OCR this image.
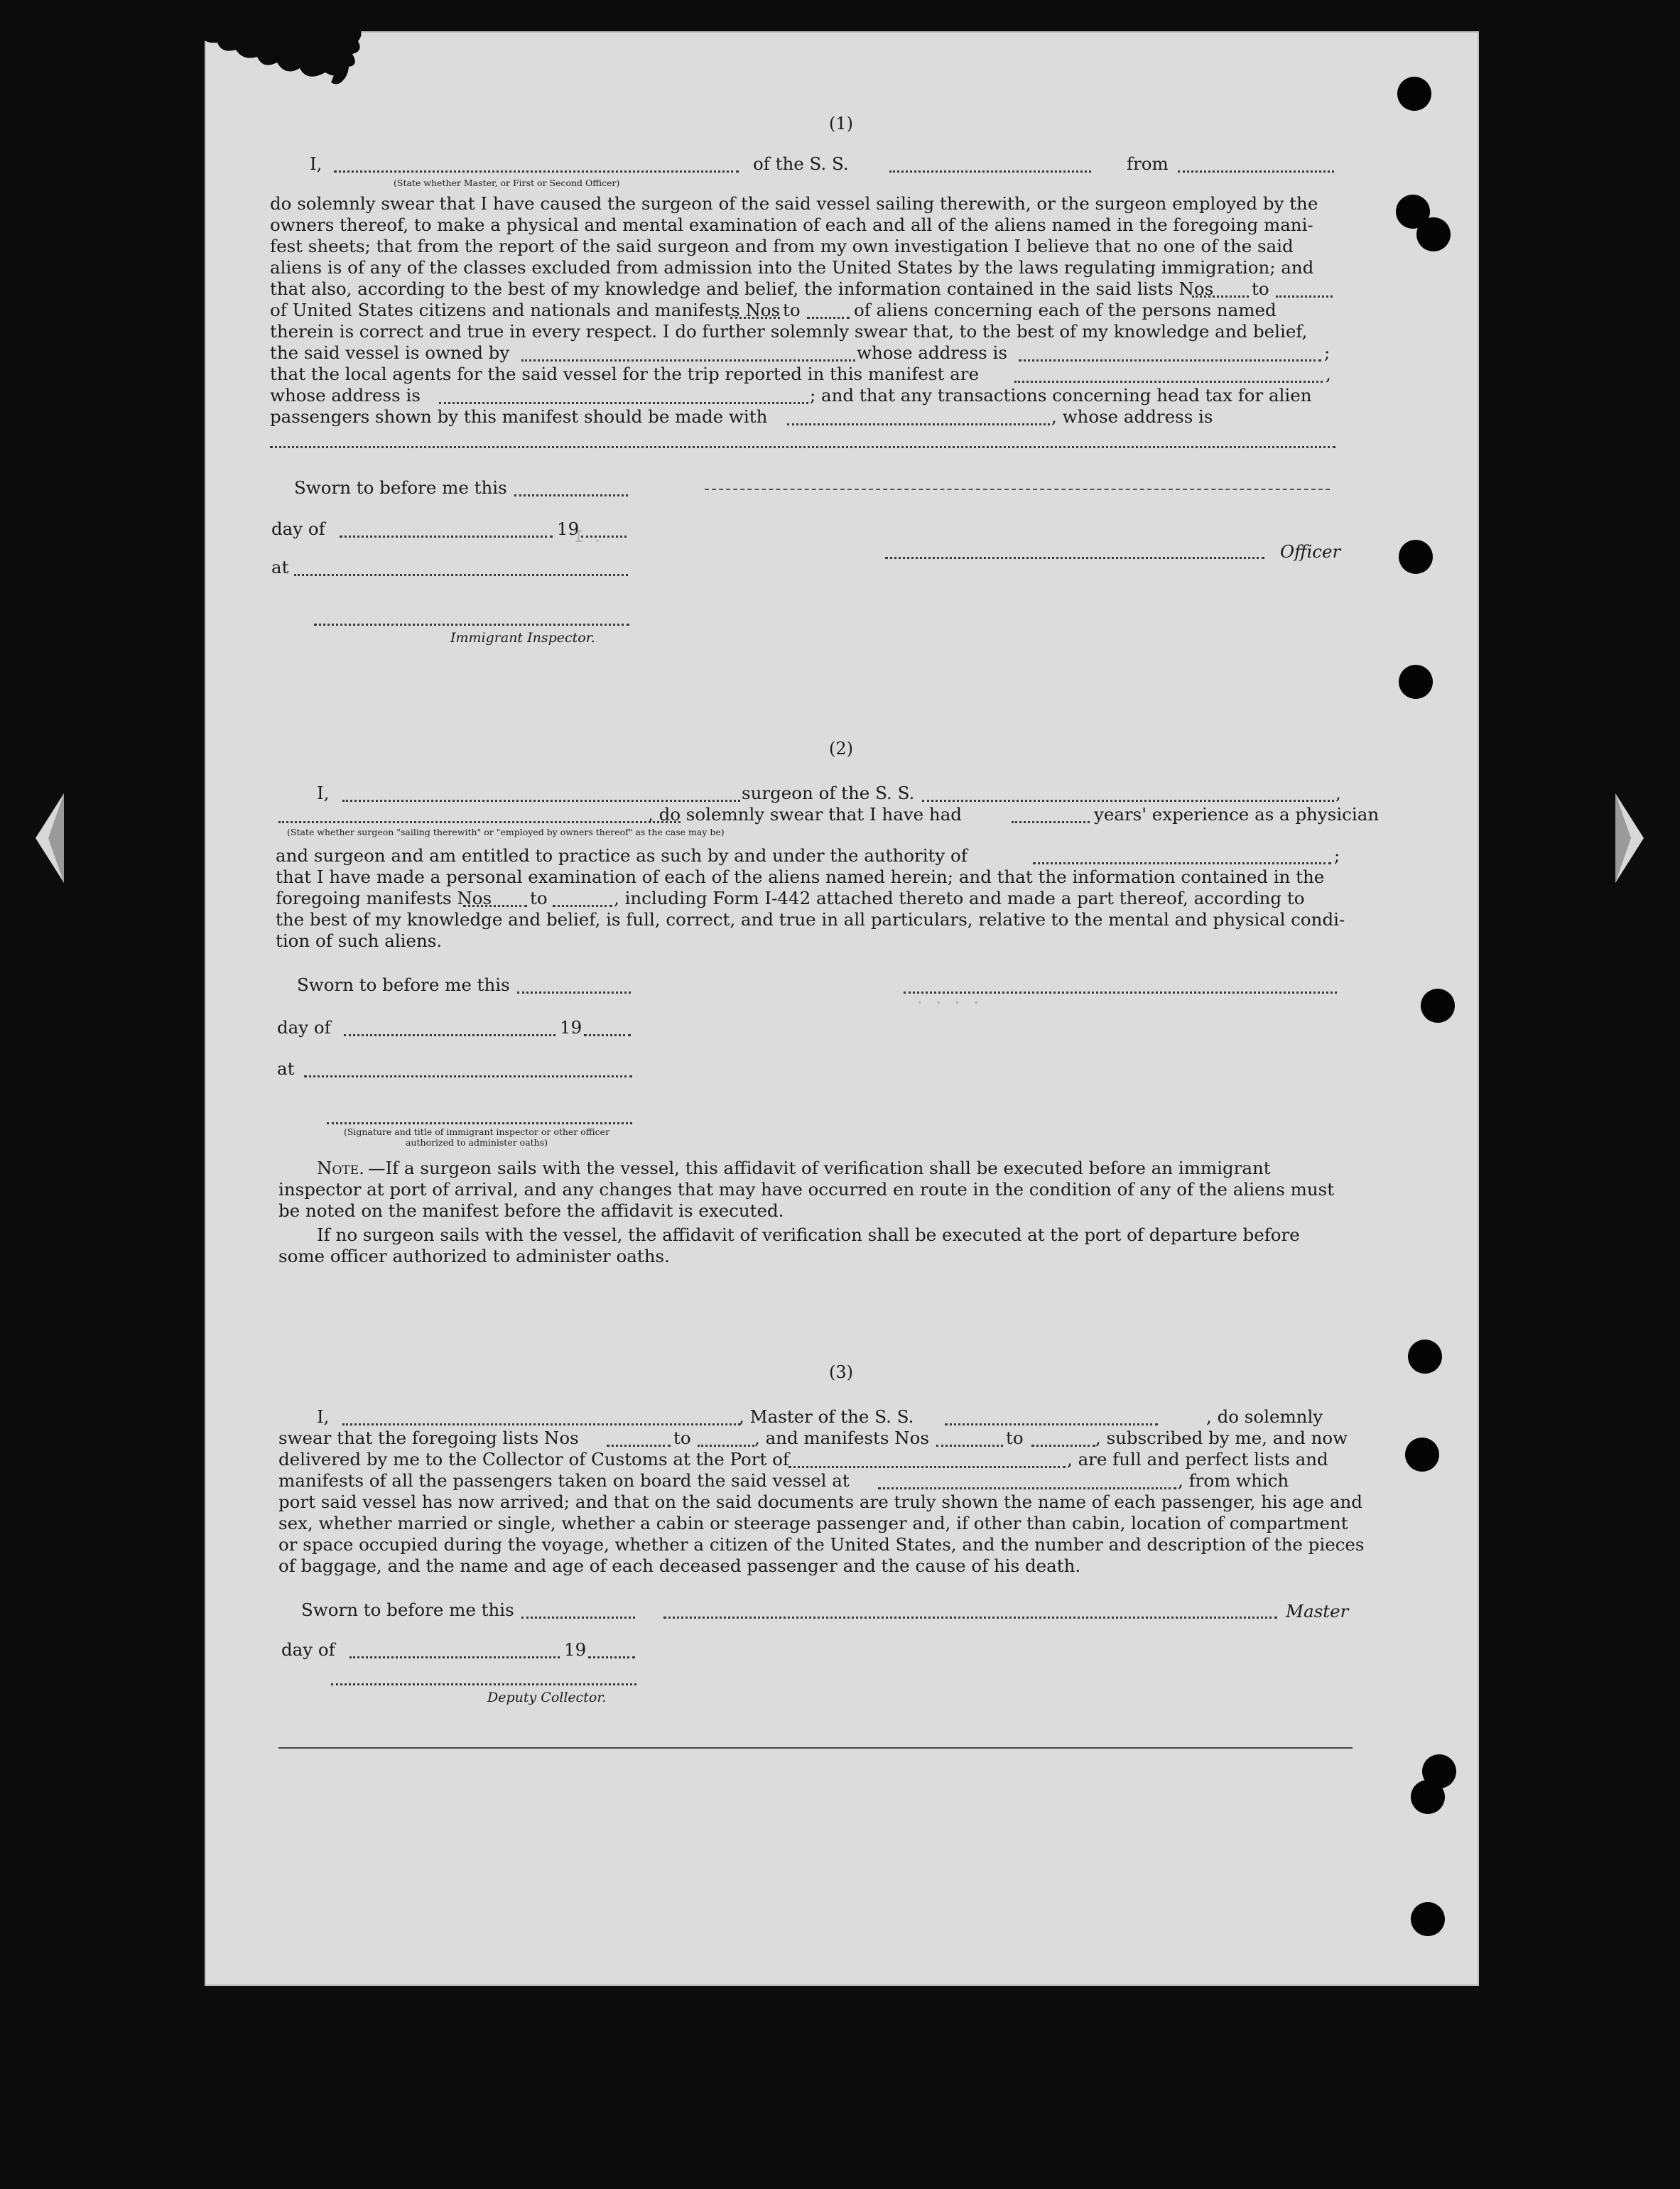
. I
. . . .
(1)
I,	of the S. S.	from
(State whether Master, or First or Second Officer)
do solemnly swear that I have caused the surgeon of the said vessel sailing therewith, or the surgeon employed by the
owners thereof, to make a physical and mental examination of each and all of the aliens named in the foregoing mani-
fest sheets; that from the report of the said surgeon and from my own investigation I believe that no one of the said
aliens is of any of the classes excluded from admission into the United States by the laws regulating immigration; and
that also, according to the best of my knowledge and belief, the information contained in the said lists Nos to
of United States citizens and nationals and manifests Nos to	of aliens concerning each of the persons named
therein is correct and true in every respect. I do further solemnly swear that, to the best of my knowledge and belief,
the said vessel is owned by	whose address is	;
that the local agents for the said vessel for the trip reported in this manifest are	,
whose address is	; and that any transactions concerning head tax for alien
passengers shown by this manifest should be made with	, whose address is
Sworn to before me this
day of	19
Officer
at
Immigrant Inspector.
(2)
I,	surgeon of the S. S.	,
, do solemnly swear that I have had	years' experience as a physician
(State whether surgeon "sailing therewith" or "employed by owners thereof" as the case may be)
and surgeon and am entitled to practice as such by and under the authority of	;
that I have made a personal examination of each of the aliens named herein; and that the information contained in the
foregoing manifests Nos to	, including Form I-442 attached thereto and made a part thereof, according to
the best of my knowledge and belief, is full, correct, and true in all particulars, relative to the mental and physical condi-
tion of such aliens.
Sworn to before me this
day of	19
at
(Signature and title of immigrant inspector or other officer authorized to administer oaths)
Note. —If a surgeon sails with the vessel, this affidavit of verification shall be executed before an immigrant
inspector at port of arrival, and any changes that may have occurred en route in the condition of any of the aliens must
be noted on the manifest before the affidavit is executed.
If no surgeon sails with the vessel, the affidavit of verification shall be executed at the port of departure before
some officer authorized to administer oaths.
(3)
I,	, Master of the S. S.	, do solemnly
swear that the foregoing lists Nos	to	, and manifests Nos	to	, subscribed by me, and now
delivered by me to the Collector of Customs at the Port of	, are full and perfect lists and
manifests of all the passengers taken on board the said vessel at	, from which
port said vessel has now arrived; and that on the said documents are truly shown the name of each passenger, his age and
sex, whether married or single, whether a cabin or steerage passenger and, if other than cabin, location of compartment
or space occupied during the voyage, whether a citizen of the United States, and the number and description of the pieces
of baggage, and the name and age of each deceased passenger and the cause of his death.
Sworn to before me this	Master
day of	19
Deputy Collector.
